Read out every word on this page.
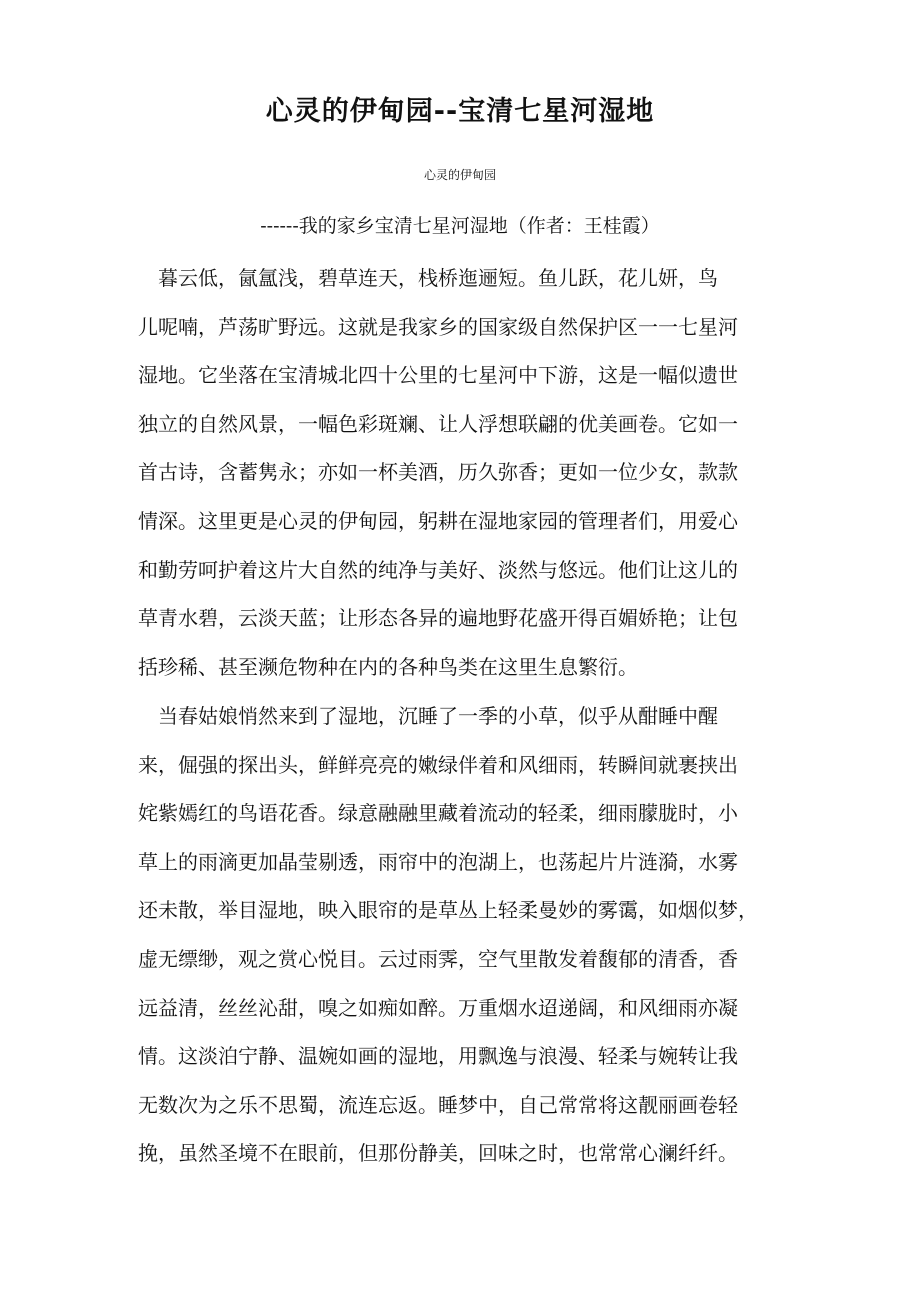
心灵的伊甸园--宝清七星河湿地
心灵的伊甸园
------我的家乡宝清七星河湿地（作者：王桂霞）

　暮云低，氤氲浅，碧草连天，栈桥迤逦短。鱼儿跃，花儿妍，鸟
儿呢喃，芦荡旷野远。这就是我家乡的国家级自然保护区一一七星河
湿地。它坐落在宝清城北四十公里的七星河中下游，这是一幅似遗世
独立的自然风景，一幅色彩斑斓、让人浮想联翩的优美画卷。它如一
首古诗，含蓄隽永；亦如一杯美酒，历久弥香；更如一位少女，款款
情深。这里更是心灵的伊甸园，躬耕在湿地家园的管理者们，用爱心
和勤劳呵护着这片大自然的纯净与美好、淡然与悠远。他们让这儿的
草青水碧，云淡天蓝；让形态各异的遍地野花盛开得百媚娇艳；让包
括珍稀、甚至濒危物种在内的各种鸟类在这里生息繁衍。

　当春姑娘悄然来到了湿地，沉睡了一季的小草，似乎从酣睡中醒
来，倔强的探出头，鲜鲜亮亮的嫩绿伴着和风细雨，转瞬间就裹挟出
姹紫嫣红的鸟语花香。绿意融融里藏着流动的轻柔，细雨朦胧时，小
草上的雨滴更加晶莹剔透，雨帘中的泡湖上，也荡起片片涟漪，水雾
还未散，举目湿地，映入眼帘的是草丛上轻柔曼妙的雾霭，如烟似梦，
虚无缥缈，观之赏心悦目。云过雨霁，空气里散发着馥郁的清香，香
远益清，丝丝沁甜，嗅之如痴如醉。万重烟水迢递阔，和风细雨亦凝
情。这淡泊宁静、温婉如画的湿地，用飘逸与浪漫、轻柔与婉转让我
无数次为之乐不思蜀，流连忘返。睡梦中，自己常常将这靓丽画卷轻
挽，虽然圣境不在眼前，但那份静美，回味之时，也常常心澜纤纤。
